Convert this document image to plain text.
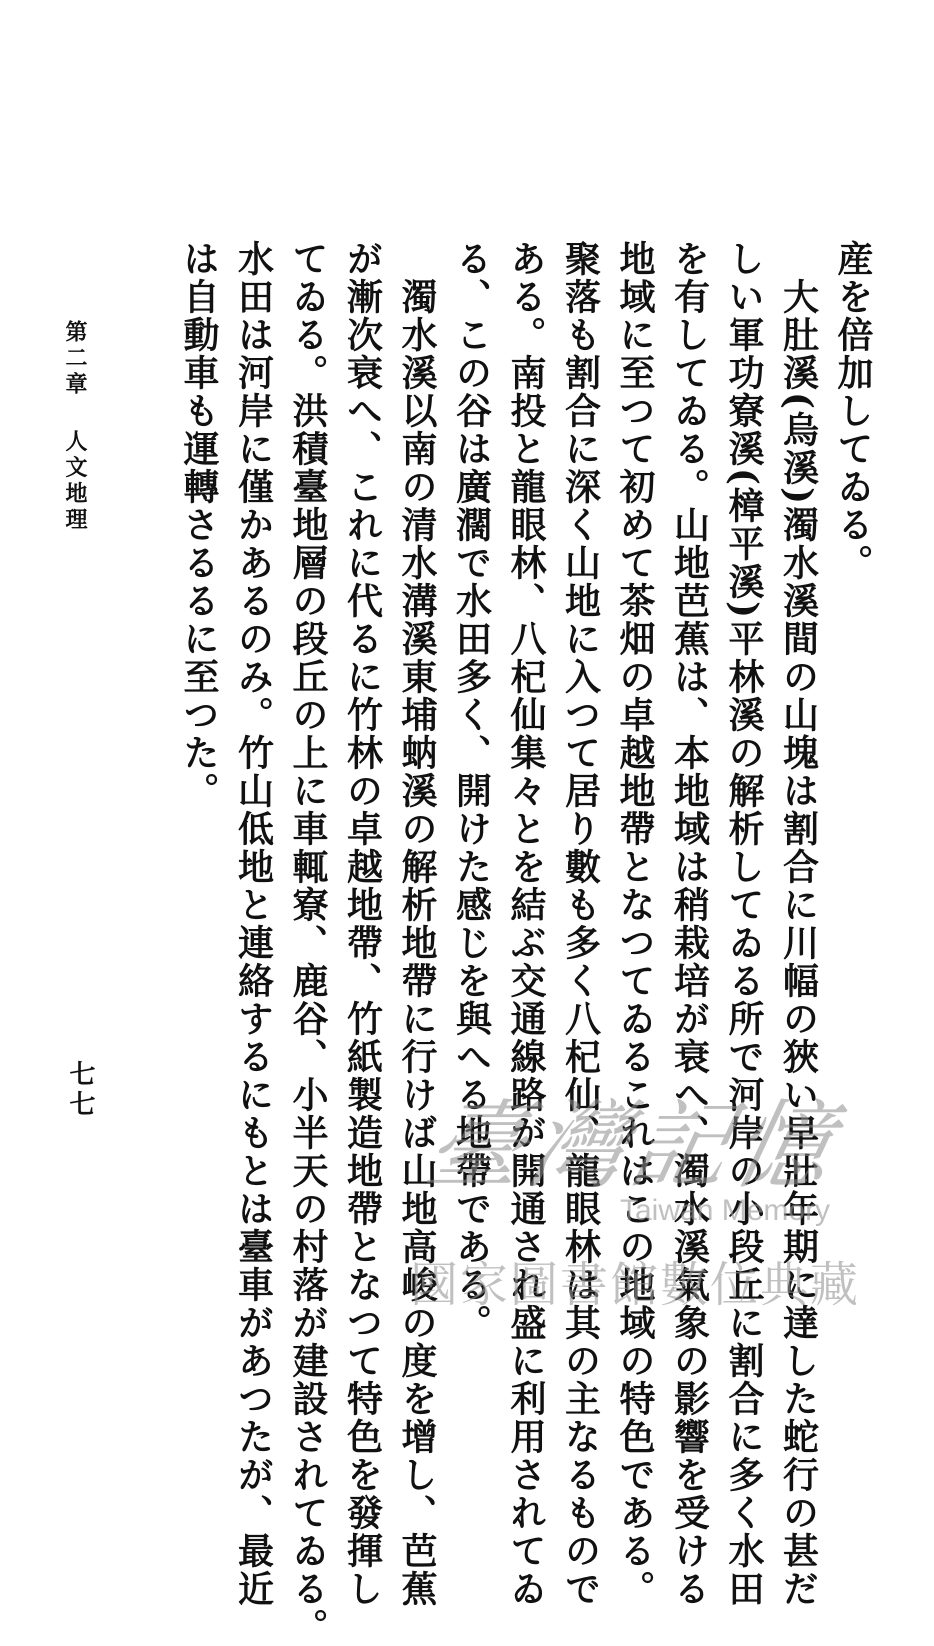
産を倍加してゐる。
大肚溪(烏溪)濁水溪間の山塊は割合に川幅の狹い早壯年期に達した蛇行の甚だ
しい軍功寮溪(樟平溪)平林溪の解析してゐる所で河岸の小段丘に割合に多く水田
を有してゐる。山地芭蕉は、本地域は稍栽培が衰へ、濁水溪氣象の影響を受ける
地域に至つて初めて茶畑の卓越地帶となつてゐるこれはこの地域の特色である。
聚落も割合に深く山地に入つて居り數も多く八杞仙、龍眼林は其の主なるもので
ある。南投と龍眼林、八杞仙集々とを結ぶ交通線路が開通され盛に利用されてゐ
る、この谷は廣濶で水田多く、開けた感じを與へる地帶である。
濁水溪以南の清水溝溪東埔蚋溪の解析地帶に行けば山地高峻の度を增し、芭蕉
が漸次衰へ、これに代るに竹林の卓越地帶、竹紙製造地帶となつて特色を發揮し
てゐる。洪積臺地層の段丘の上に車輒寮、鹿谷、小半天の村落が建設されてゐる。
水田は河岸に僅かあるのみ。竹山低地と連絡するにもとは臺車があつたが、最近
は自動車も運轉さるるに至つた。
第二章 人文地理
七七	臺灣記憶
Taiwan Memory
國家圖書館數位典藏
